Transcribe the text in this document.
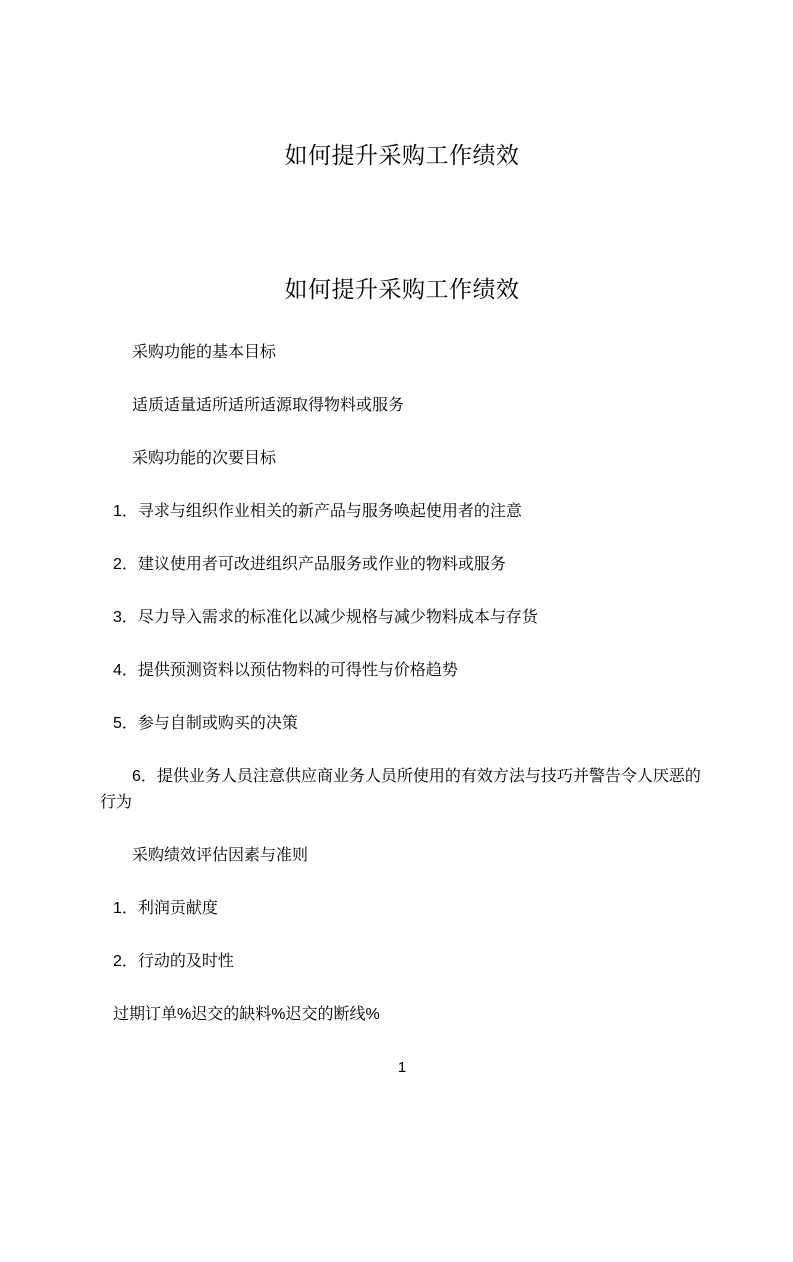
如何提升采购工作绩效
如何提升采购工作绩效

采购功能的基本目标

适质适量适所适所适源取得物料或服务

采购功能的次要目标

1．寻求与组织作业相关的新产品与服务唤起使用者的注意

2．建议使用者可改进组织产品服务或作业的物料或服务

3．尽力导入需求的标准化以减少规格与减少物料成本与存货

4．提供预测资料以预估物料的可得性与价格趋势

5．参与自制或购买的决策

6．提供业务人员注意供应商业务人员所使用的有效方法与技巧并警告令人厌恶的行为

采购绩效评估因素与准则

1．利润贡献度

2．行动的及时性

过期订单%迟交的缺料%迟交的断线%

1
